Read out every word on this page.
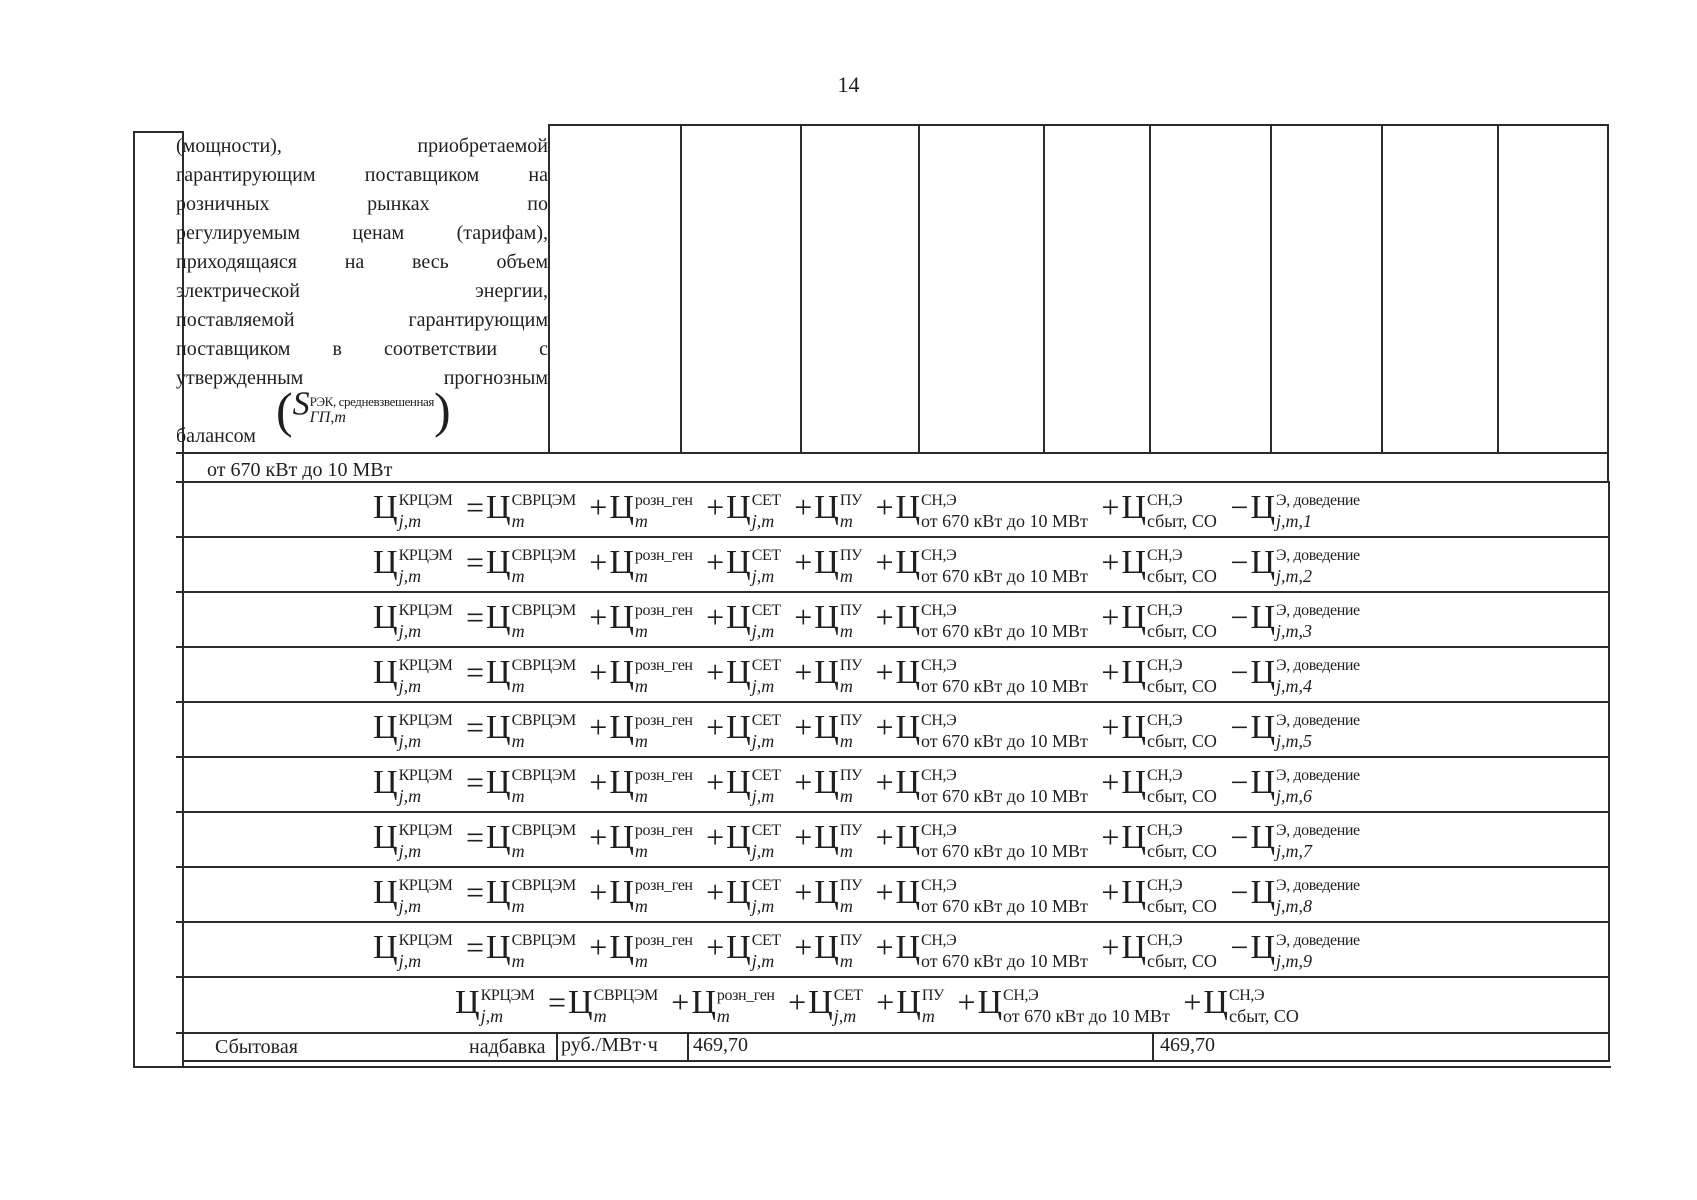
14
(мощности), приобретаемой
гарантирующим поставщиком на
розничных рынках по
регулируемым ценам (тарифам),
приходящаяся на весь объем
электрической энергии,
поставляемой гарантирующим
поставщиком в соответствии с
утвержденным прогнозным
балансом (S РЭК, средневзвешенная
ГП,m	)
от 670 кВт до 10 МВт
Ц КРЦЭМ
j,m	=Ц СВРЦЭМ
m	+Ц розн_ген
m	+Ц СЕТ
j,m +Ц ПУ
m +Ц СН,Э
от 670 кВт до 10 МВт +Ц СН,Э
сбыт, СО −Ц Э, доведение
j,m,1
Ц КРЦЭМ
j,m	=Ц СВРЦЭМ
m	+Ц розн_ген
m	+Ц СЕТ
j,m +Ц ПУ
m +Ц СН,Э
от 670 кВт до 10 МВт +Ц СН,Э
сбыт, СО −Ц Э, доведение
j,m,2
Ц КРЦЭМ
j,m	=Ц СВРЦЭМ
m	+Ц розн_ген
m	+Ц СЕТ
j,m +Ц ПУ
m +Ц СН,Э
от 670 кВт до 10 МВт +Ц СН,Э
сбыт, СО −Ц Э, доведение
j,m,3
Ц КРЦЭМ
j,m	=Ц СВРЦЭМ
m	+Ц розн_ген
m	+Ц СЕТ
j,m +Ц ПУ
m +Ц СН,Э
от 670 кВт до 10 МВт +Ц СН,Э
сбыт, СО −Ц Э, доведение
j,m,4
Ц КРЦЭМ
j,m	=Ц СВРЦЭМ
m	+Ц розн_ген
m	+Ц СЕТ
j,m +Ц ПУ
m +Ц СН,Э
от 670 кВт до 10 МВт +Ц СН,Э
сбыт, СО −Ц Э, доведение
j,m,5
Ц КРЦЭМ
j,m	=Ц СВРЦЭМ
m	+Ц розн_ген
m	+Ц СЕТ
j,m +Ц ПУ
m +Ц СН,Э
от 670 кВт до 10 МВт +Ц СН,Э
сбыт, СО −Ц Э, доведение
j,m,6
Ц КРЦЭМ
j,m	=Ц СВРЦЭМ
m	+Ц розн_ген
m	+Ц СЕТ
j,m +Ц ПУ
m +Ц СН,Э
от 670 кВт до 10 МВт +Ц СН,Э
сбыт, СО −Ц Э, доведение
j,m,7
Ц КРЦЭМ
j,m	=Ц СВРЦЭМ
m	+Ц розн_ген
m	+Ц СЕТ
j,m +Ц ПУ
m +Ц СН,Э
от 670 кВт до 10 МВт +Ц СН,Э
сбыт, СО −Ц Э, доведение
j,m,8
Ц КРЦЭМ
j,m	=Ц СВРЦЭМ
m	+Ц розн_ген
m	+Ц СЕТ
j,m +Ц ПУ
m +Ц СН,Э
от 670 кВт до 10 МВт +Ц СН,Э
сбыт, СО −Ц Э, доведение
j,m,9
Ц КРЦЭМ
j,m	=Ц СВРЦЭМ
m	+Ц розн_ген
m	+Ц СЕТ
j,m +Ц ПУ
m +Ц СН,Э
от 670 кВт до 10 МВт +Ц СН,Э
сбыт, СО
Сбытовая	надбавка руб./МВт·ч 469,70	469,70
